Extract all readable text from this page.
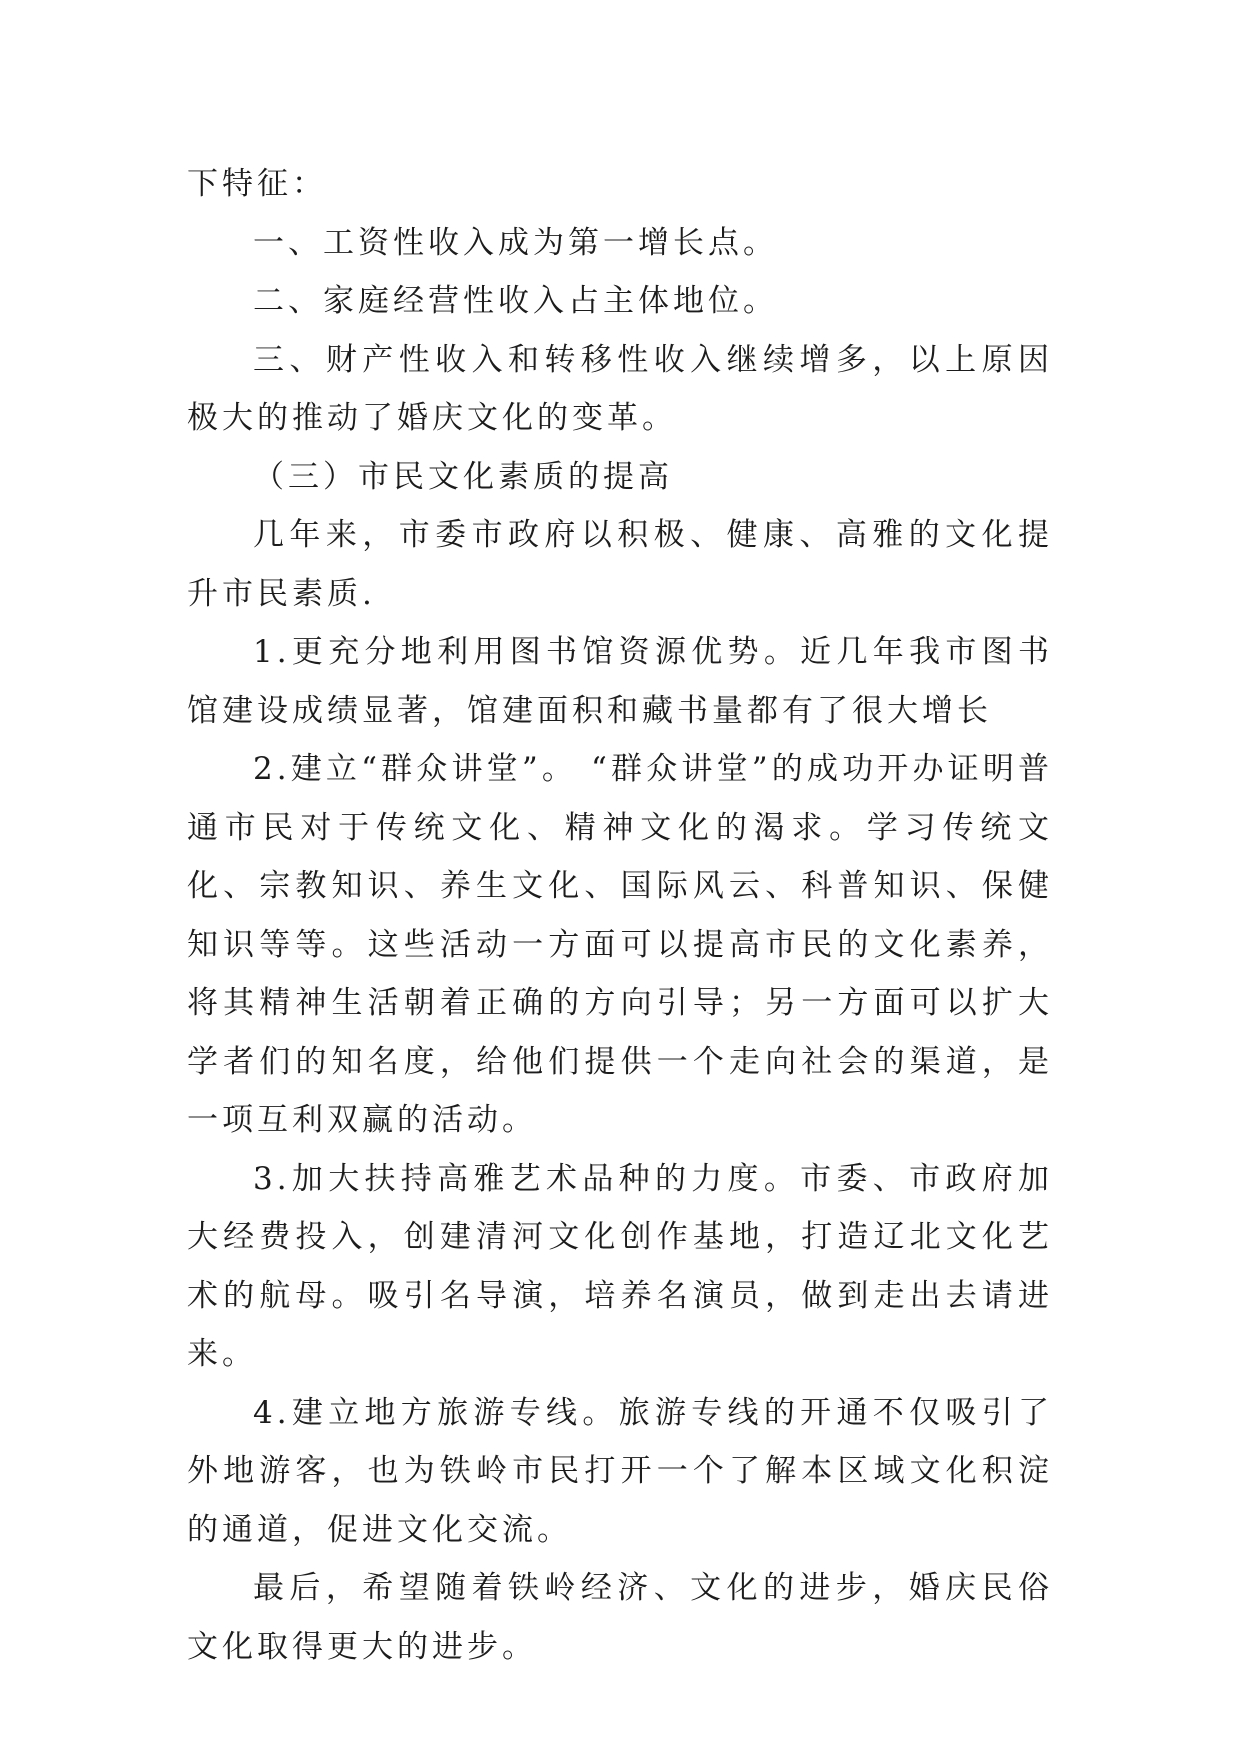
下特征：

一、工资性收入成为第一增长点。

二、家庭经营性收入占主体地位。

三、财产性收入和转移性收入继续增多，以上原因极大的推动了婚庆文化的变革。

（三）市民文化素质的提高

几年来，市委市政府以积极、健康、高雅的文化提升市民素质.

1.更充分地利用图书馆资源优势。近几年我市图书馆建设成绩显著，馆建面积和藏书量都有了很大增长

2.建立“群众讲堂”。 “群众讲堂”的成功开办证明普通市民对于传统文化、精神文化的渴求。学习传统文化、宗教知识、养生文化、国际风云、科普知识、保健知识等等。这些活动一方面可以提高市民的文化素养，将其精神生活朝着正确的方向引导；另一方面可以扩大学者们的知名度，给他们提供一个走向社会的渠道，是一项互利双赢的活动。

3.加大扶持高雅艺术品种的力度。市委、市政府加大经费投入，创建清河文化创作基地，打造辽北文化艺术的航母。吸引名导演，培养名演员，做到走出去请进来。

4.建立地方旅游专线。旅游专线的开通不仅吸引了外地游客，也为铁岭市民打开一个了解本区域文化积淀的通道，促进文化交流。

最后，希望随着铁岭经济、文化的进步，婚庆民俗文化取得更大的进步。
